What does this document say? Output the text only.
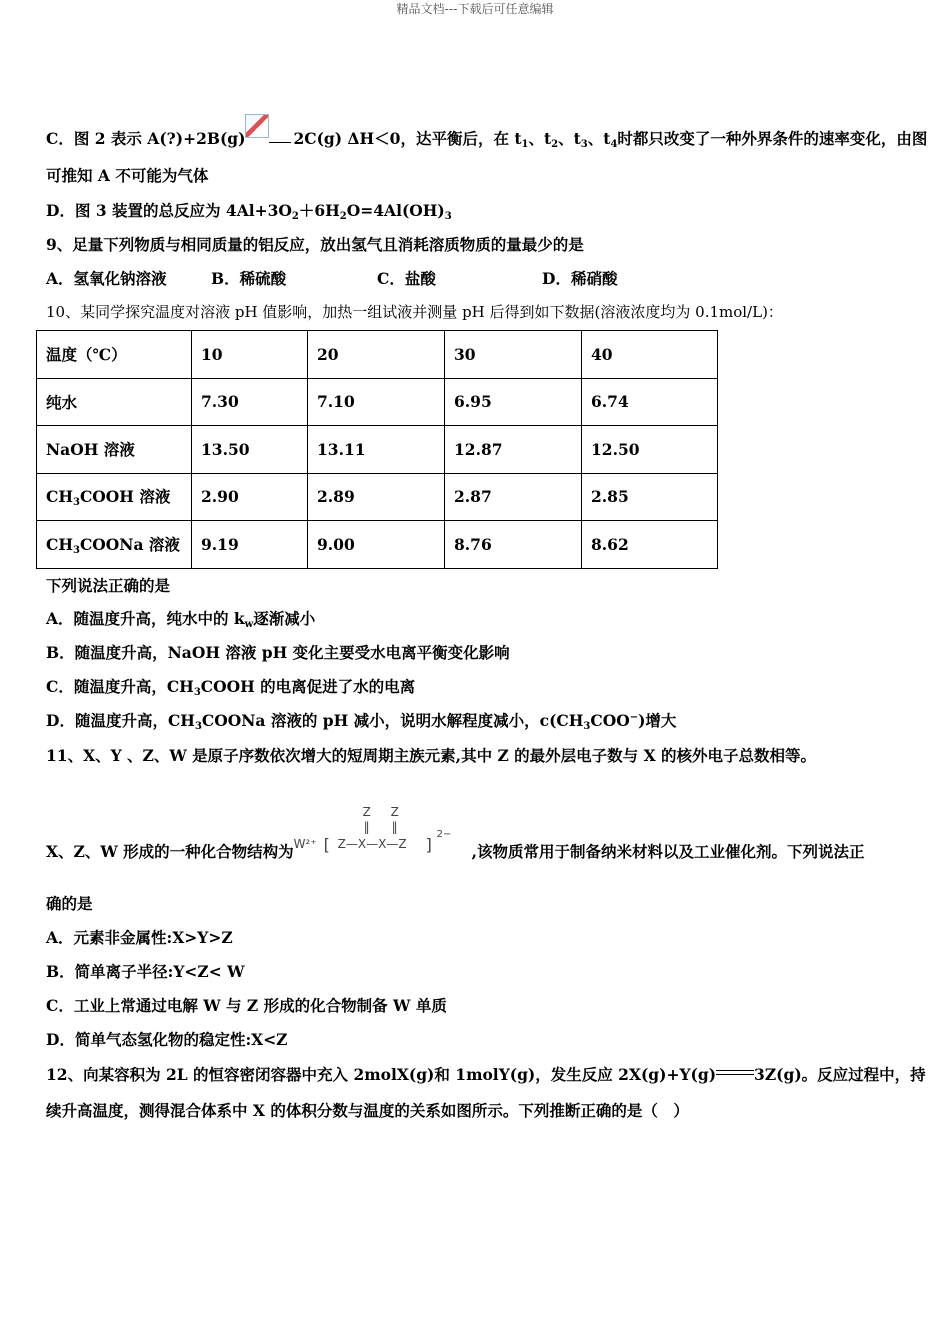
精品文档---下载后可任意编辑
C．图 2 表示 A(?)+2B(g)	2C(g) ΔH＜0，达平衡后，在 $t_1$、$t_2$、$t_3$、$t_4$时都只改变了一种外界条件的速率变化，由图
可推知 A 不可能为气体
D．图 3 装置的总反应为 $4Al+3O_2+6H_2O=4Al(OH)_3$
9、足量下列物质与相同质量的铝反应，放出氢气且消耗溶质物质的量最少的是
A．氢氧化钠溶液	B．稀硫酸	C．盐酸	D．稀硝酸
10、某同学探究温度对溶液 pH 值影响，加热一组试液并测量 pH 后得到如下数据(溶液浓度均为 0.1mol/L)：
温度（℃）	10	20	30	40
纯水	7.30	7.10	6.95	6.74
NaOH 溶液	13.50	13.11	12.87	12.50
$CH_3COOH$ 溶液	2.90	2.89	2.87	2.85
$CH_3COONa$ 溶液	9.19	9.00	8.76	8.62
下列说法正确的是
A．随温度升高，纯水中的 $k_w$逐渐减小
B．随温度升高，NaOH 溶液 pH 变化主要受水电离平衡变化影响
C．随温度升高，$CH_3COOH$ 的电离促进了水的电离
D．随温度升高，$CH_3COONa$ 溶液的 pH 减小，说明水解程度减小，$c(CH_3COO^-)$增大
11、X、Y 、Z、W 是原子序数依次增大的短周期主族元素,其中 Z 的最外层电子数与 X 的核外电子总数相等。
X、Z、W 形成的一种化合物结构为 W²⁺ [ Z—X—X—Z ]
2−
Z Z
‖ ‖
,该物质常用于制备纳米材料以及工业催化剂。下列说法正
确的是
A．元素非金属性:X>Y>Z
B．简单离子半径:Y<Z< W
C．工业上常通过电解 W 与 Z 形成的化合物制备 W 单质
D．简单气态氢化物的稳定性:X<Z
12、向某容积为 2L 的恒容密闭容器中充入 2molX(g)和 1molY(g)，发生反应 2X(g)+Y(g) 3Z(g)。反应过程中，持
续升高温度，测得混合体系中 X 的体积分数与温度的关系如图所示。下列推断正确的是（　）
